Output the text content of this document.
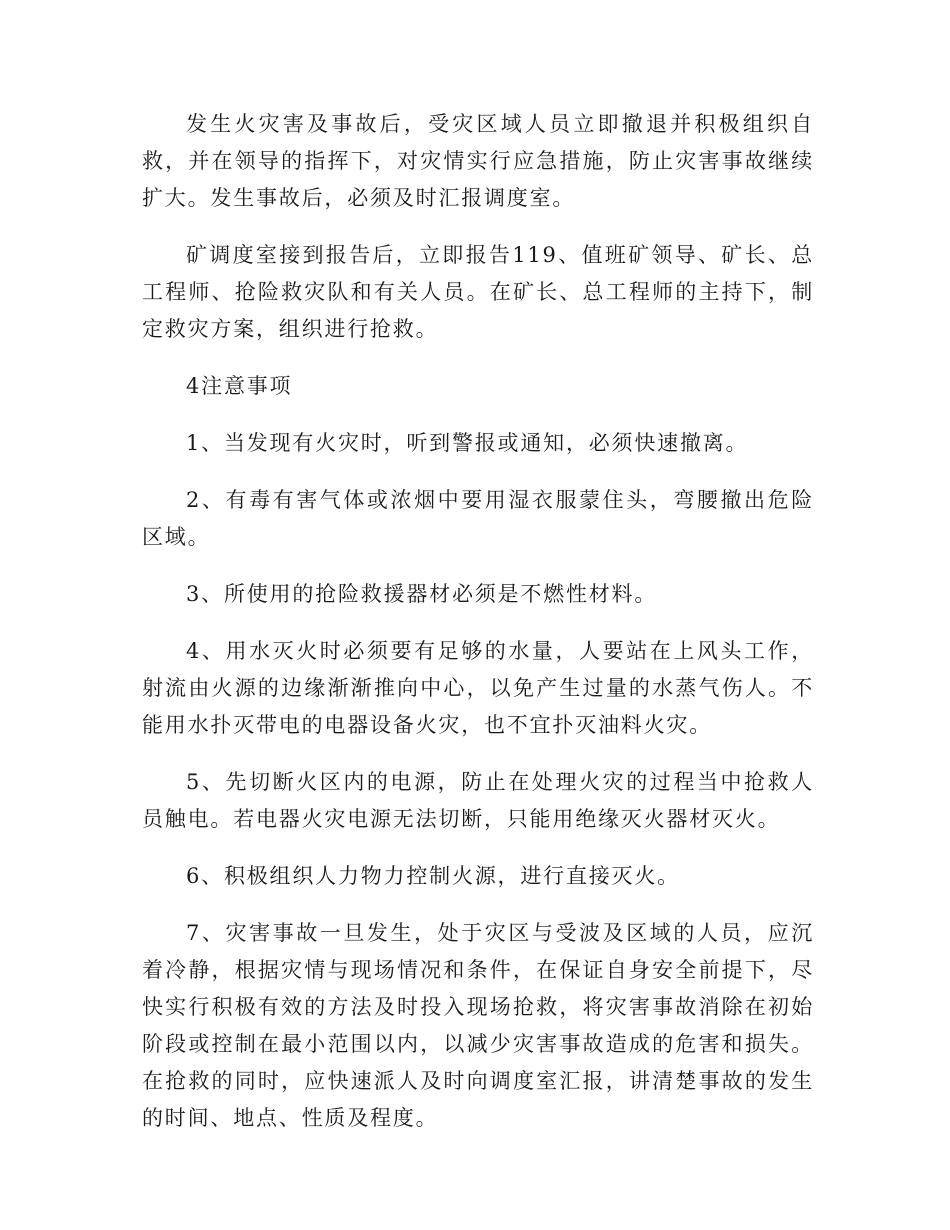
发生火灾害及事故后，受灾区域人员立即撤退并积极组织自救，并在领导的指挥下，对灾情实行应急措施，防止灾害事故继续扩大。发生事故后，必须及时汇报调度室。

矿调度室接到报告后，立即报告119、值班矿领导、矿长、总工程师、抢险救灾队和有关人员。在矿长、总工程师的主持下，制定救灾方案，组织进行抢救。

4注意事项

1、当发现有火灾时，听到警报或通知，必须快速撤离。

2、有毒有害气体或浓烟中要用湿衣服蒙住头，弯腰撤出危险区域。

3、所使用的抢险救援器材必须是不燃性材料。

4、用水灭火时必须要有足够的水量，人要站在上风头工作，射流由火源的边缘渐渐推向中心，以免产生过量的水蒸气伤人。不能用水扑灭带电的电器设备火灾，也不宜扑灭油料火灾。

5、先切断火区内的电源，防止在处理火灾的过程当中抢救人员触电。若电器火灾电源无法切断，只能用绝缘灭火器材灭火。

6、积极组织人力物力控制火源，进行直接灭火。

7、灾害事故一旦发生，处于灾区与受波及区域的人员，应沉着冷静，根据灾情与现场情况和条件，在保证自身安全前提下，尽快实行积极有效的方法及时投入现场抢救，将灾害事故消除在初始阶段或控制在最小范围以内，以减少灾害事故造成的危害和损失。在抢救的同时，应快速派人及时向调度室汇报，讲清楚事故的发生的时间、地点、性质及程度。
